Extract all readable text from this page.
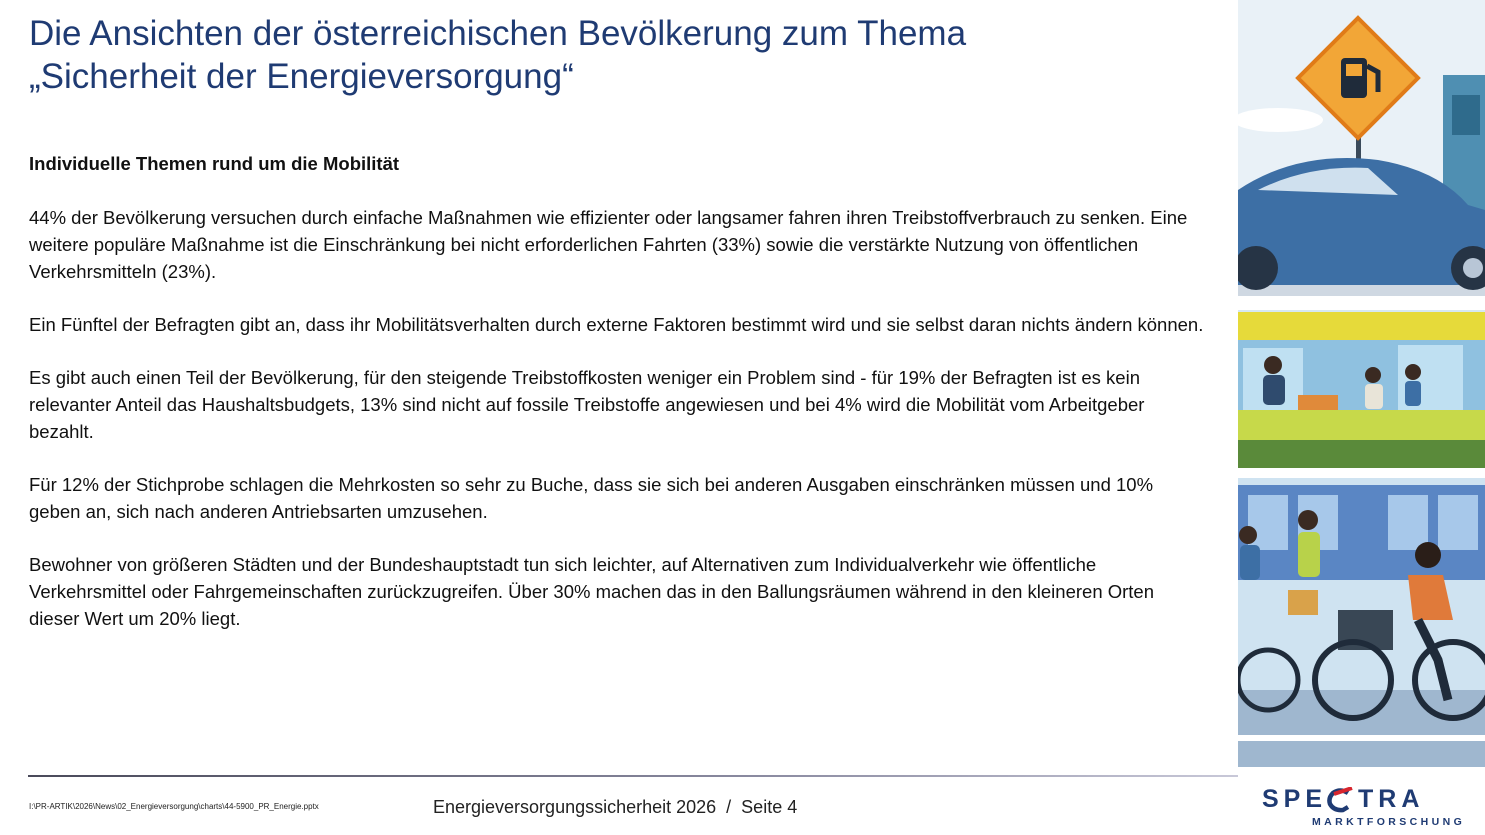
Die Ansichten der österreichischen Bevölkerung zum Thema
„Sicherheit der Energieversorgung“
Individuelle Themen rund um die Mobilität

44% der Bevölkerung versuchen durch einfache Maßnahmen wie effizienter oder langsamer fahren ihren Treibstoffverbrauch zu senken. Eine weitere populäre Maßnahme ist die Einschränkung bei nicht erforderlichen Fahrten (33%) sowie die verstärkte Nutzung von öffentlichen Verkehrsmitteln (23%).

Ein Fünftel der Befragten gibt an, dass ihr Mobilitätsverhalten durch externe Faktoren bestimmt wird und sie selbst daran nichts ändern können.

Es gibt auch einen Teil der Bevölkerung, für den steigende Treibstoffkosten weniger ein Problem sind - für 19% der Befragten ist es kein relevanter Anteil das Haushaltsbudgets, 13% sind nicht auf fossile Treibstoffe angewiesen und bei 4% wird die Mobilität vom Arbeitgeber bezahlt.

Für 12% der Stichprobe schlagen die Mehrkosten so sehr zu Buche, dass sie sich bei anderen Ausgaben einschränken müssen und 10% geben an, sich nach anderen Antriebsarten umzusehen.

Bewohner von größeren Städten und der Bundeshauptstadt tun sich leichter, auf Alternativen zum Individualverkehr wie öffentliche Verkehrsmittel oder Fahrgemeinschaften zurückzugreifen. Über 30% machen das in den Ballungsräumen während in den kleineren Orten dieser Wert um 20% liegt.

I:\PR-ARTIK\2026\News\02_Energieversorgung\charts\44-5900_PR_Energie.pptx	Energieversorgungssicherheit 2026  /  Seite 4	SPE TRA
MARKTFORSCHUNG
